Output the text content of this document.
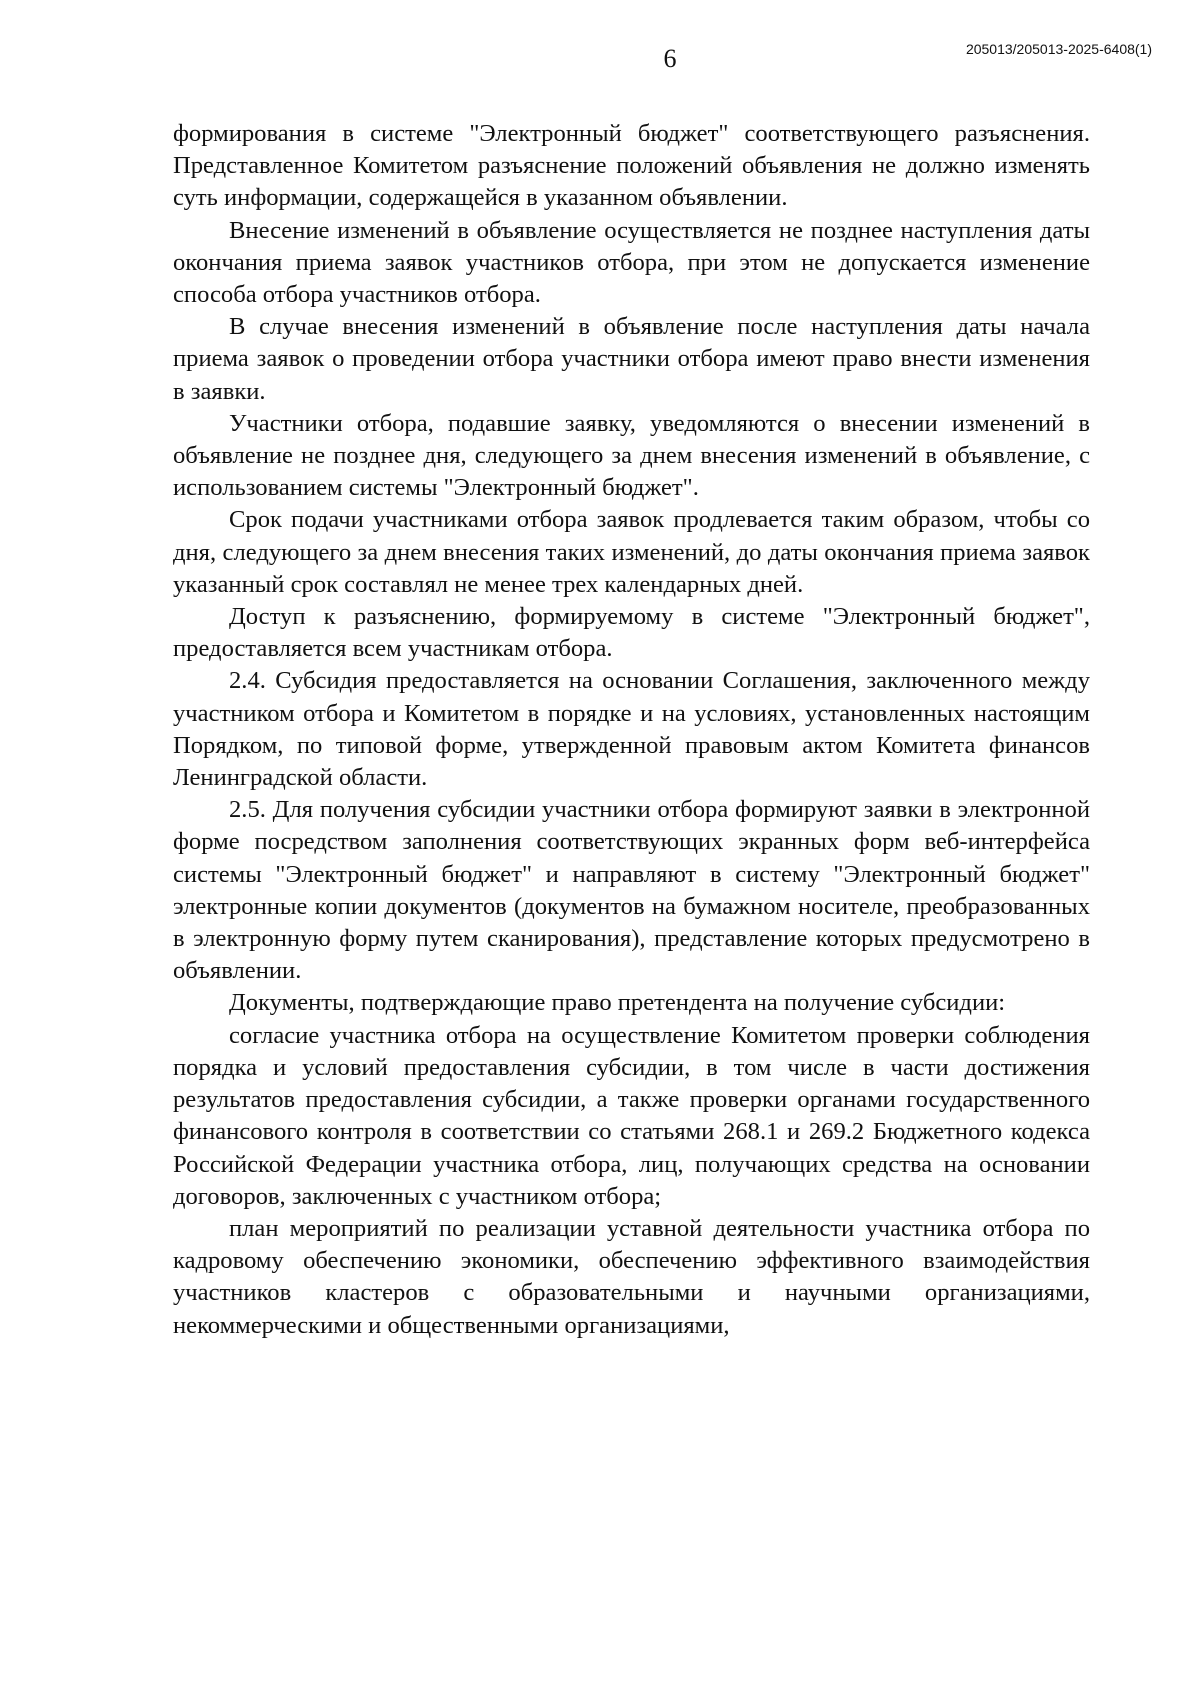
6	205013/205013-2025-6408(1)

формирования в системе "Электронный бюджет" соответствующего разъяснения. Представленное Комитетом разъяснение положений объявления не должно изменять суть информации, содержащейся в указанном объявлении.

Внесение изменений в объявление осуществляется не позднее наступления даты окончания приема заявок участников отбора, при этом не допускается изменение способа отбора участников отбора.

В случае внесения изменений в объявление после наступления даты начала приема заявок о проведении отбора участники отбора имеют право внести изменения в заявки.

Участники отбора, подавшие заявку, уведомляются о внесении изменений в объявление не позднее дня, следующего за днем внесения изменений в объявление, с использованием системы "Электронный бюджет".

Срок подачи участниками отбора заявок продлевается таким образом, чтобы со дня, следующего за днем внесения таких изменений, до даты окончания приема заявок указанный срок составлял не менее трех календарных дней.

Доступ к разъяснению, формируемому в системе "Электронный бюджет", предоставляется всем участникам отбора.

2.4. Субсидия предоставляется на основании Соглашения, заключенного между участником отбора и Комитетом в порядке и на условиях, установленных настоящим Порядком, по типовой форме, утвержденной правовым актом Комитета финансов Ленинградской области.

2.5. Для получения субсидии участники отбора формируют заявки в электронной форме посредством заполнения соответствующих экранных форм веб-интерфейса системы "Электронный бюджет" и направляют в систему "Электронный бюджет" электронные копии документов (документов на бумажном носителе, преобразованных в электронную форму путем сканирования), представление которых предусмотрено в объявлении.

Документы, подтверждающие право претендента на получение субсидии:

согласие участника отбора на осуществление Комитетом проверки соблюдения порядка и условий предоставления субсидии, в том числе в части достижения результатов предоставления субсидии, а также проверки органами государственного финансового контроля в соответствии со статьями 268.1 и 269.2 Бюджетного кодекса Российской Федерации участника отбора, лиц, получающих средства на основании договоров, заключенных с участником отбора;

план мероприятий по реализации уставной деятельности участника отбора по кадровому обеспечению экономики, обеспечению эффективного взаимодействия участников кластеров с образовательными и научными организациями, некоммерческими и общественными организациями,
